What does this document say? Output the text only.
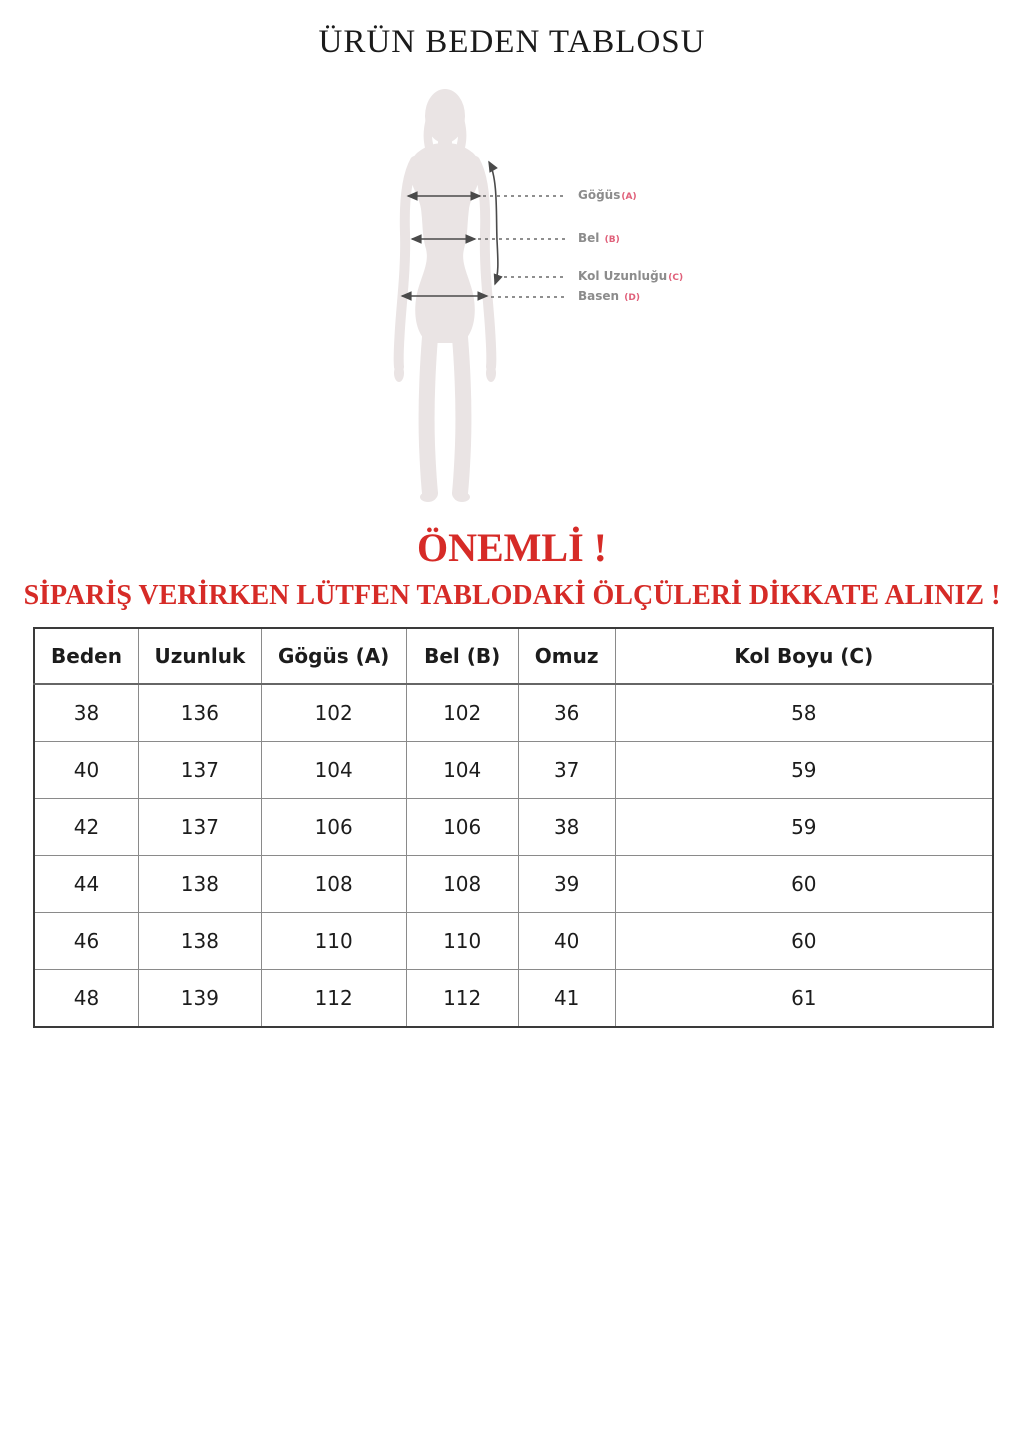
ÜRÜN BEDEN TABLOSU
Göğüs(A)
Bel (B)
Kol Uzunluğu(C)
Basen (D)
ÖNEMLİ !
SİPARİŞ VERİRKEN LÜTFEN TABLODAKİ ÖLÇÜLERİ DİKKATE ALINIZ !
Beden	Uzunluk	Gögüs (A)	Bel (B)	Omuz	Kol Boyu (C)
38	136	102	102	36	58
40	137	104	104	37	59
42	137	106	106	38	59
44	138	108	108	39	60
46	138	110	110	40	60
48	139	112	112	41	61
